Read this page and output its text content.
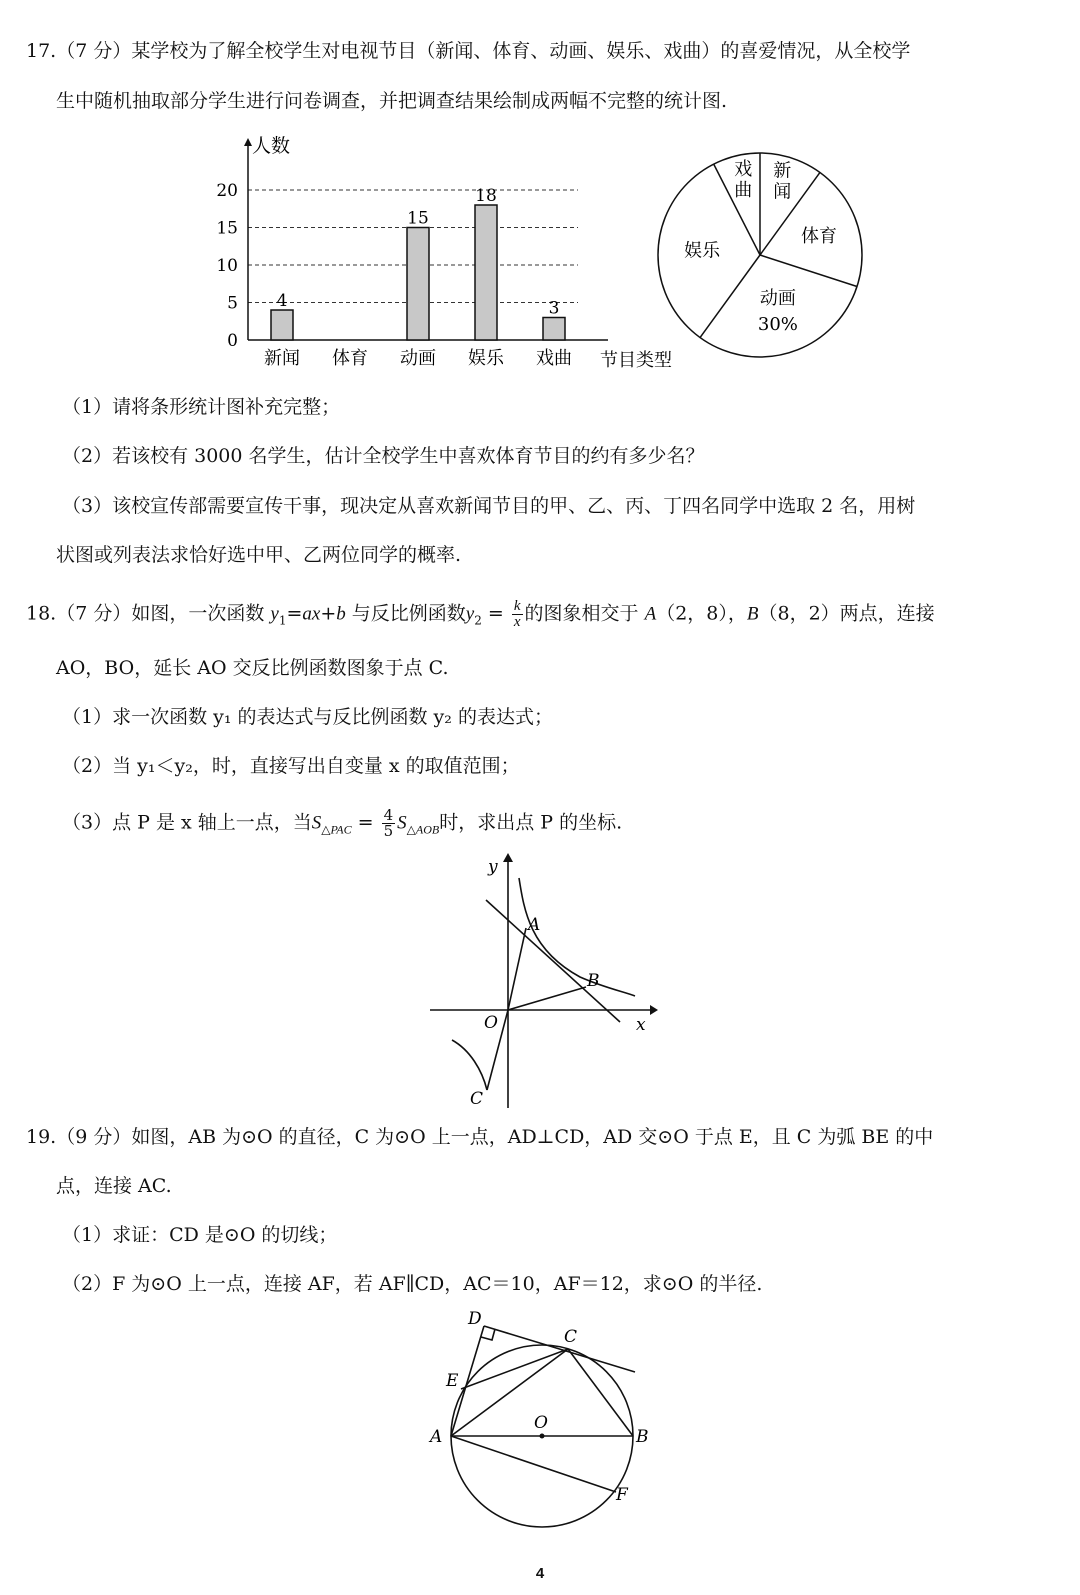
17.（7 分）某学校为了解全校学生对电视节目（新闻、体育、动画、娱乐、戏曲）的喜爱情况，从全校学
生中随机抽取部分学生进行问卷调查，并把调查结果绘制成两幅不完整的统计图.
人数
0
5
10
15
20
4
新闻 体育
15
动画
18
娱乐
3
戏曲 节目类型
新
闻
体育
动画
30%
娱乐
戏
曲
（1）请将条形统计图补充完整；
（2）若该校有 3000 名学生，估计全校学生中喜欢体育节目的约有多少名？
（3）该校宣传部需要宣传干事，现决定从喜欢新闻节目的甲、乙、丙、丁四名同学中选取 2 名，用树
状图或列表法求恰好选中甲、乙两位同学的概率.
18.（7 分）如图，一次函数 $y_1=ax+b$ 与反比例函数$y_2 = \frac{k}{x}$ 的图象相交于 A（2，8），B（8，2）两点，连接
AO，BO，延长 AO 交反比例函数图象于点 C.
（1）求一次函数 y₁ 的表达式与反比例函数 y₂ 的表达式；
（2）当 y₁＜y₂，时，直接写出自变量 x 的取值范围；
（3）点 P 是 x 轴上一点，当$S_{\triangle PAC} = \frac{4}{5} S_{\triangle AOB}$时，求出点 P 的坐标.
y
x
O
A
B
C
19.（9 分）如图，AB 为⊙O 的直径，C 为⊙O 上一点，AD⊥CD，AD 交⊙O 于点 E，且 C 为弧 BE 的中
点，连接 AC.
（1）求证：CD 是⊙O 的切线；
（2）F 为⊙O 上一点，连接 AF，若 AF∥CD，AC＝10，AF＝12，求⊙O 的半径.
D
C
E
O
A	B
F
4
